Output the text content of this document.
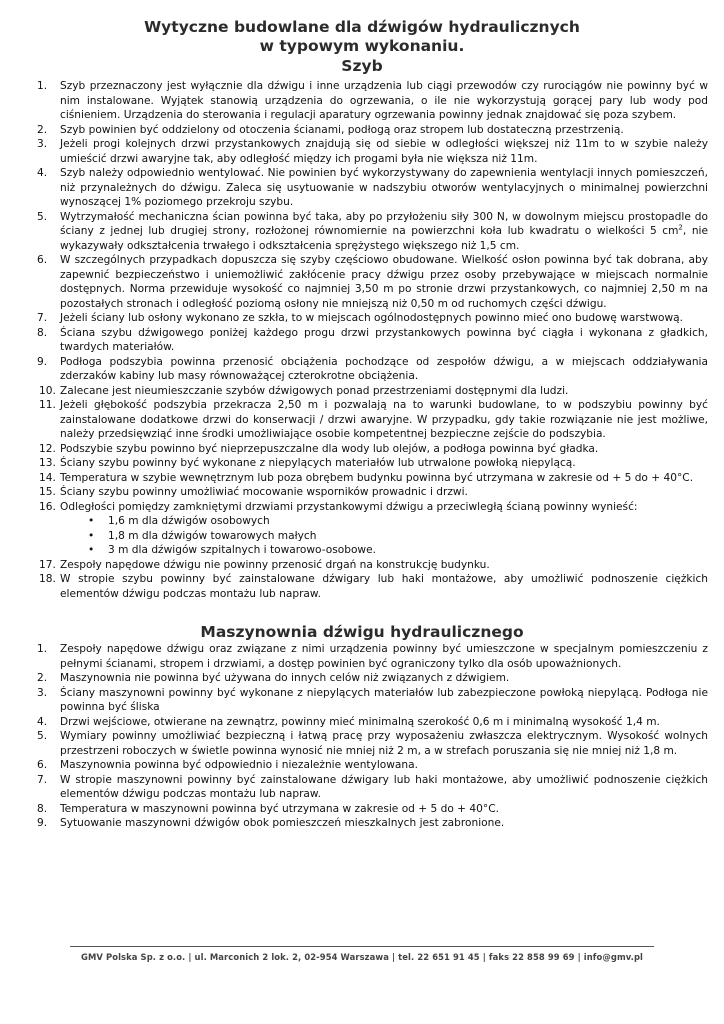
Wytyczne budowlane dla dźwigów hydraulicznych
w typowym wykonaniu.
Szyb
1.	Szyb przeznaczony jest wyłącznie dla dźwigu i inne urządzenia lub ciągi przewodów czy rurociągów nie powinny być w nim instalowane. Wyjątek stanowią urządzenia do ogrzewania, o ile nie wykorzystują gorącej pary lub wody pod ciśnieniem. Urządzenia do sterowania i regulacji aparatury ogrzewania powinny jednak znajdować się poza szybem.
2.	Szyb powinien być oddzielony od otoczenia ścianami, podłogą oraz stropem lub dostateczną przestrzenią.
3.	Jeżeli progi kolejnych drzwi przystankowych znajdują się od siebie w odległości większej niż 11m to w szybie należy umieścić drzwi awaryjne tak, aby odległość między ich progami była nie większa niż 11m.
4.	Szyb należy odpowiednio wentylować. Nie powinien być wykorzystywany do zapewnienia wentylacji innych pomieszczeń, niż przynależnych do dźwigu. Zaleca się usytuowanie w nadszybiu otworów wentylacyjnych o minimalnej powierzchni wynoszącej 1% poziomego przekroju szybu.
5.	Wytrzymałość mechaniczna ścian powinna być taka, aby po przyłożeniu siły 300 N, w dowolnym miejscu prostopadle do ściany z jednej lub drugiej strony, rozłożonej równomiernie na powierzchni koła lub kwadratu o wielkości 5 $cm^2$, nie wykazywały odkształcenia trwałego i odkształcenia sprężystego większego niż 1,5 cm.
6.	W szczególnych przypadkach dopuszcza się szyby częściowo obudowane. Wielkość osłon powinna być tak dobrana, aby zapewnić bezpieczeństwo i uniemożliwić zakłócenie pracy dźwigu przez osoby przebywające w miejscach normalnie dostępnych. Norma przewiduje wysokość co najmniej 3,50 m po stronie drzwi przystankowych, co najmniej 2,50 m na pozostałych stronach i odległość poziomą osłony nie mniejszą niż 0,50 m od ruchomych części dźwigu.
7.	Jeżeli ściany lub osłony wykonano ze szkła, to w miejscach ogólnodostępnych powinno mieć ono budowę warstwową.
8.	Ściana szybu dźwigowego poniżej każdego progu drzwi przystankowych powinna być ciągła i wykonana z gładkich, twardych materiałów.
9.	Podłoga podszybia powinna przenosić obciążenia pochodzące od zespołów dźwigu, a w miejscach oddziaływania zderzaków kabiny lub masy równoważącej czterokrotne obciążenia.
10. Zalecane jest nieumieszczanie szybów dźwigowych ponad przestrzeniami dostępnymi dla ludzi.
11. Jeżeli głębokość podszybia przekracza 2,50 m i pozwalają na to warunki budowlane, to w podszybiu powinny być zainstalowane dodatkowe drzwi do konserwacji / drzwi awaryjne. W przypadku, gdy takie rozwiązanie nie jest możliwe, należy przedsięwziąć inne środki umożliwiające osobie kompetentnej bezpieczne zejście do podszybia.
12. Podszybie szybu powinno być nieprzepuszczalne dla wody lub olejów, a podłoga powinna być gładka.
13. Ściany szybu powinny być wykonane z niepylących materiałów lub utrwalone powłoką niepylącą.
14. Temperatura w szybie wewnętrznym lub poza obrębem budynku powinna być utrzymana w zakresie od + 5 do + 40°C.
15. Ściany szybu powinny umożliwiać mocowanie wsporników prowadnic i drzwi.
16. Odległości pomiędzy zamkniętymi drzwiami przystankowymi dźwigu a przeciwległą ścianą powinny wynieść:
• 1,6 m dla dźwigów osobowych
• 1,8 m dla dźwigów towarowych małych
• 3 m dla dźwigów szpitalnych i towarowo-osobowe.
17. Zespoły napędowe dźwigu nie powinny przenosić drgań na konstrukcję budynku.
18. W stropie szybu powinny być zainstalowane dźwigary lub haki montażowe, aby umożliwić podnoszenie ciężkich elementów dźwigu podczas montażu lub napraw.
Maszynownia dźwigu hydraulicznego
1.	Zespoły napędowe dźwigu oraz związane z nimi urządzenia powinny być umieszczone w specjalnym pomieszczeniu z pełnymi ścianami, stropem i drzwiami, a dostęp powinien być ograniczony tylko dla osób upoważnionych.
2.	Maszynownia nie powinna być używana do innych celów niż związanych z dźwigiem.
3.	Ściany maszynowni powinny być wykonane z niepylących materiałów lub zabezpieczone powłoką niepylącą. Podłoga nie powinna być śliska
4.	Drzwi wejściowe, otwierane na zewnątrz, powinny mieć minimalną szerokość 0,6 m i minimalną wysokość 1,4 m.
5.	Wymiary powinny umożliwiać bezpieczną i łatwą pracę przy wyposażeniu zwłaszcza elektrycznym. Wysokość wolnych przestrzeni roboczych w świetle powinna wynosić nie mniej niż 2 m, a w strefach poruszania się nie mniej niż 1,8 m.
6.	Maszynownia powinna być odpowiednio i niezależnie wentylowana.
7.	W stropie maszynowni powinny być zainstalowane dźwigary lub haki montażowe, aby umożliwić podnoszenie ciężkich elementów dźwigu podczas montażu lub napraw.
8.	Temperatura w maszynowni powinna być utrzymana w zakresie od + 5 do + 40°C.
9.	Sytuowanie maszynowni dźwigów obok pomieszczeń mieszkalnych jest zabronione.
GMV Polska Sp. z o.o. | ul. Marconich 2 lok. 2, 02-954 Warszawa | tel. 22 651 91 45 | faks 22 858 99 69 | info@gmv.pl
